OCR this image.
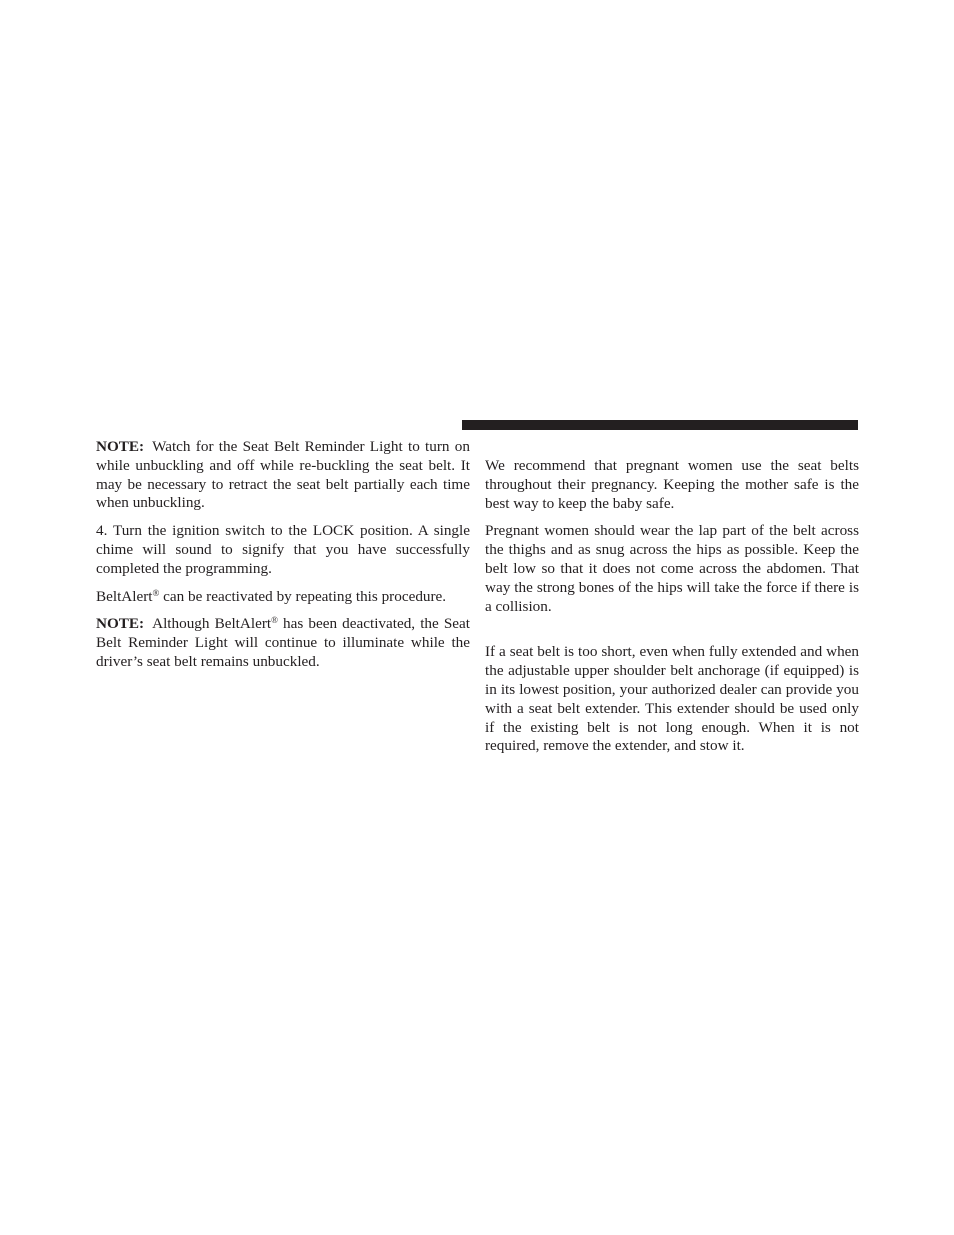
NOTE: Watch for the Seat Belt Reminder Light to turn on while unbuckling and off while re-buckling the seat belt. It may be necessary to retract the seat belt partially each time when unbuckling.

4. Turn the ignition switch to the LOCK position. A single chime will sound to signify that you have successfully completed the programming.

BeltAlert® can be reactivated by repeating this procedure.

NOTE: Although BeltAlert® has been deactivated, the Seat Belt Reminder Light will continue to illuminate while the driver’s seat belt remains unbuckled.

We recommend that pregnant women use the seat belts throughout their pregnancy. Keeping the mother safe is the best way to keep the baby safe.

Pregnant women should wear the lap part of the belt across the thighs and as snug across the hips as possible. Keep the belt low so that it does not come across the abdomen. That way the strong bones of the hips will take the force if there is a collision.

If a seat belt is too short, even when fully extended and when the adjustable upper shoulder belt anchorage (if equipped) is in its lowest position, your authorized dealer can provide you with a seat belt extender. This extender should be used only if the existing belt is not long enough. When it is not required, remove the extender, and stow it.
